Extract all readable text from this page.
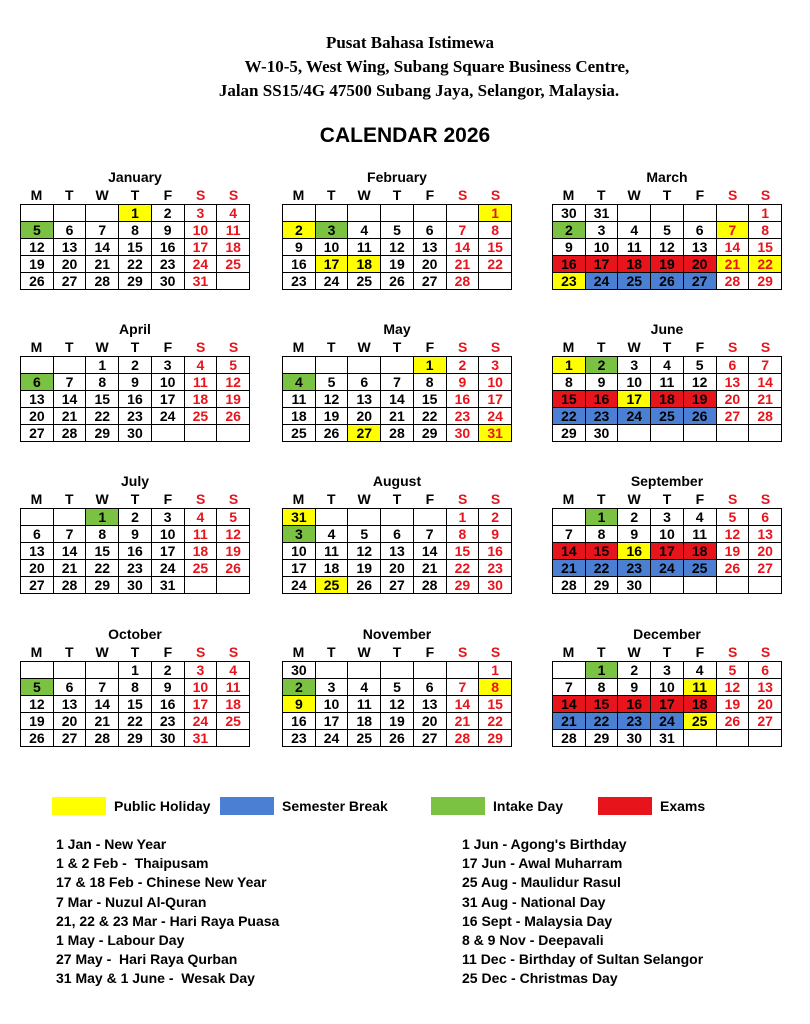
Pusat Bahasa Istimewa
W-10-5, West Wing, Subang Square Business Centre,
Jalan SS15/4G 47500 Subang Jaya, Selangor, Malaysia.
CALENDAR 2026
January
M	T	W	T	F	S	S
			1	2	3	4
5	6	7	8	9	10	11
12	13	14	15	16	17	18
19	20	21	22	23	24	25
26	27	28	29	30	31	
February
M	T	W	T	F	S	S
						1
2	3	4	5	6	7	8
9	10	11	12	13	14	15
16	17	18	19	20	21	22
23	24	25	26	27	28	
March
M	T	W	T	F	S	S
30	31					1
2	3	4	5	6	7	8
9	10	11	12	13	14	15
16	17	18	19	20	21	22
23	24	25	26	27	28	29
April
M	T	W	T	F	S	S
		1	2	3	4	5
6	7	8	9	10	11	12
13	14	15	16	17	18	19
20	21	22	23	24	25	26
27	28	29	30			
May
M	T	W	T	F	S	S
				1	2	3
4	5	6	7	8	9	10
11	12	13	14	15	16	17
18	19	20	21	22	23	24
25	26	27	28	29	30	31
June
M	T	W	T	F	S	S
1	2	3	4	5	6	7
8	9	10	11	12	13	14
15	16	17	18	19	20	21
22	23	24	25	26	27	28
29	30					
July
M	T	W	T	F	S	S
		1	2	3	4	5
6	7	8	9	10	11	12
13	14	15	16	17	18	19
20	21	22	23	24	25	26
27	28	29	30	31		
August
M	T	W	T	F	S	S
31					1	2
3	4	5	6	7	8	9
10	11	12	13	14	15	16
17	18	19	20	21	22	23
24	25	26	27	28	29	30
September
M	T	W	T	F	S	S
	1	2	3	4	5	6
7	8	9	10	11	12	13
14	15	16	17	18	19	20
21	22	23	24	25	26	27
28	29	30				
October
M	T	W	T	F	S	S
			1	2	3	4
5	6	7	8	9	10	11
12	13	14	15	16	17	18
19	20	21	22	23	24	25
26	27	28	29	30	31	
November
M	T	W	T	F	S	S
30						1
2	3	4	5	6	7	8
9	10	11	12	13	14	15
16	17	18	19	20	21	22
23	24	25	26	27	28	29
December
M	T	W	T	F	S	S
	1	2	3	4	5	6
7	8	9	10	11	12	13
14	15	16	17	18	19	20
21	22	23	24	25	26	27
28	29	30	31			
Public Holiday	Semester Break	Intake Day	Exams
1 Jan - New Year
1 & 2 Feb -  Thaipusam
17 & 18 Feb - Chinese New Year
7 Mar - Nuzul Al-Quran
21, 22 & 23 Mar - Hari Raya Puasa
1 May - Labour Day
27 May -  Hari Raya Qurban
31 May & 1 June -  Wesak Day
1 Jun - Agong's Birthday
17 Jun - Awal Muharram
25 Aug - Maulidur Rasul
31 Aug - National Day
16 Sept - Malaysia Day
8 & 9 Nov - Deepavali
11 Dec - Birthday of Sultan Selangor
25 Dec - Christmas Day
